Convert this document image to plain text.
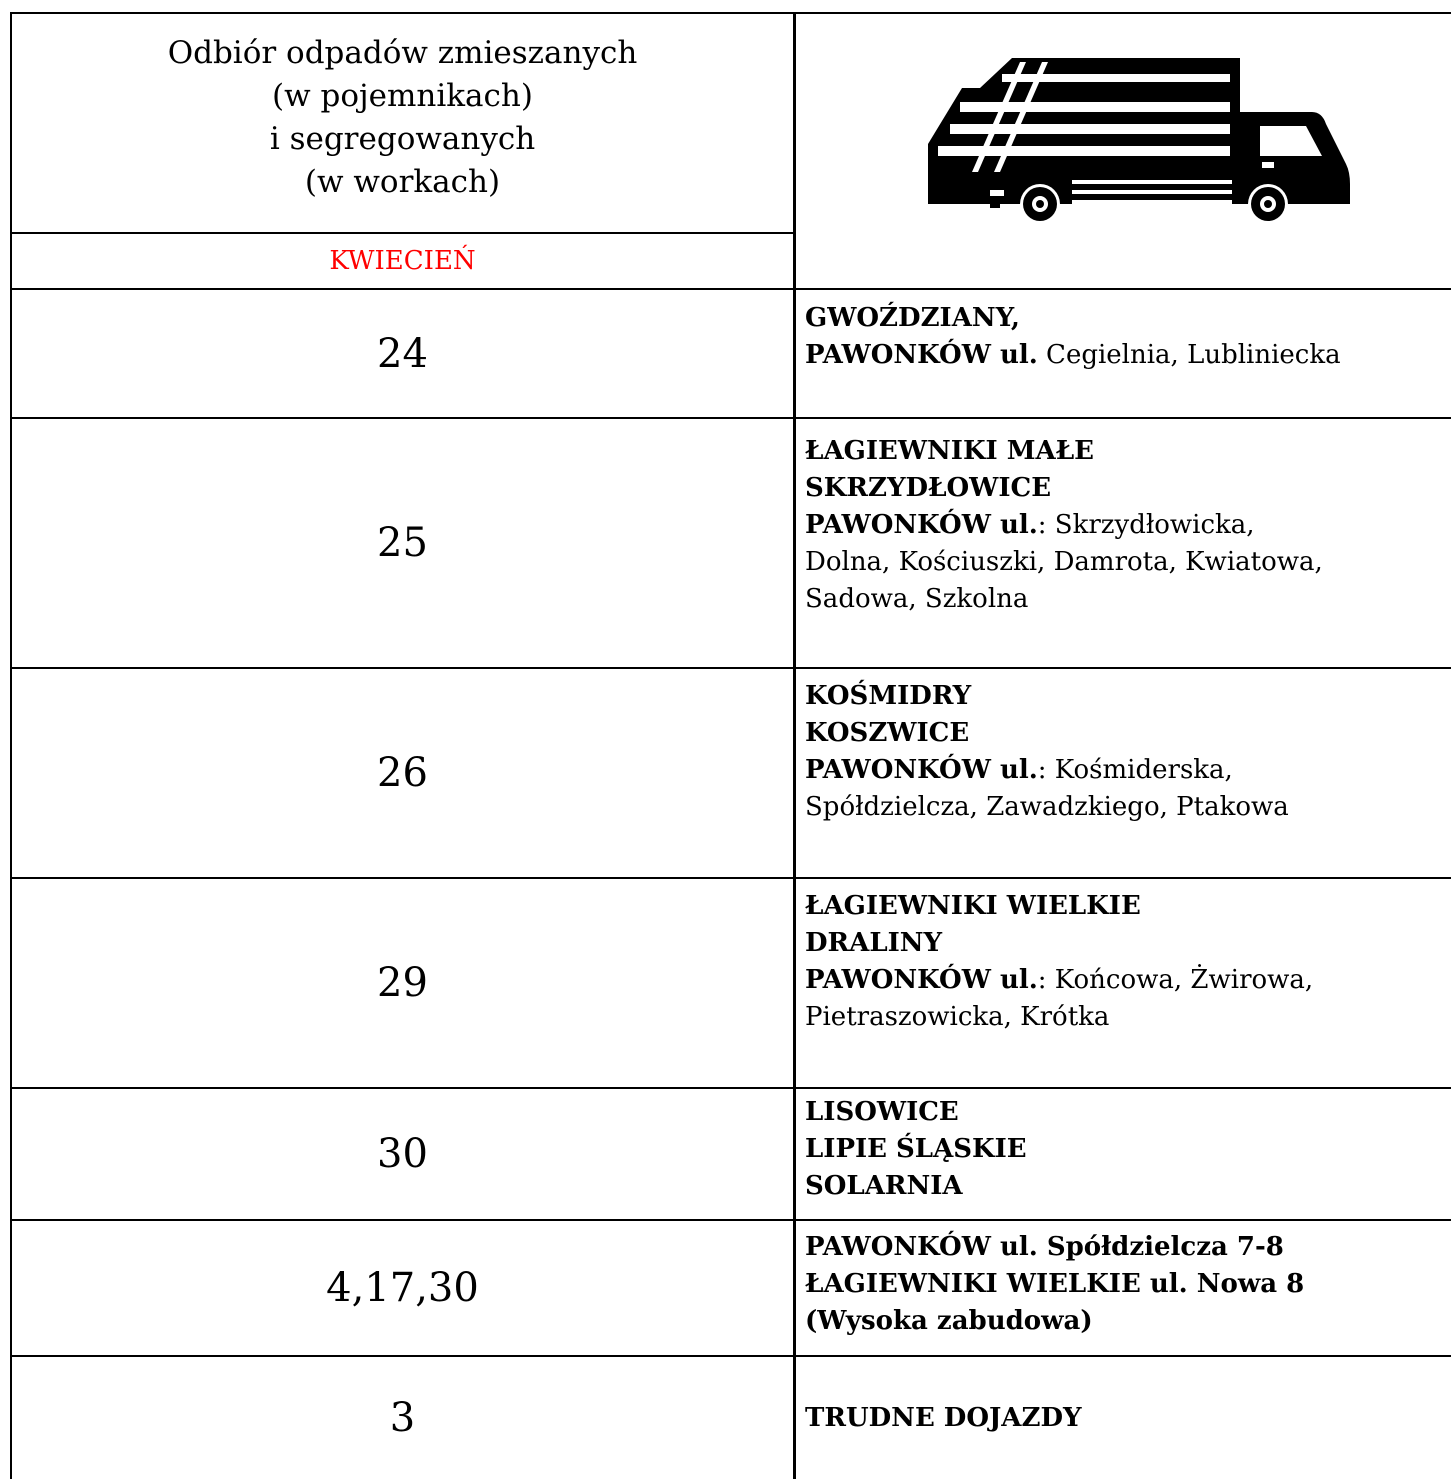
Odbiór odpadów zmieszanych
(w pojemnikach)
i segregowanych
(w workach)
KWIECIEŃ
24
GWOŹDZIANY,
PAWONKÓW ul. Cegielnia, Lubliniecka
25
ŁAGIEWNIKI MAŁE
SKRZYDŁOWICE
PAWONKÓW ul.: Skrzydłowicka,
Dolna, Kościuszki, Damrota, Kwiatowa,
Sadowa, Szkolna
26
KOŚMIDRY
KOSZWICE
PAWONKÓW ul.: Kośmiderska,
Spółdzielcza, Zawadzkiego, Ptakowa
29
ŁAGIEWNIKI WIELKIE
DRALINY
PAWONKÓW ul.: Końcowa, Żwirowa,
Pietraszowicka, Krótka
30
LISOWICE
LIPIE ŚLĄSKIE
SOLARNIA
4,17,30
PAWONKÓW ul. Spółdzielcza 7-8
ŁAGIEWNIKI WIELKIE ul. Nowa 8
(Wysoka zabudowa)
3	TRUDNE DOJAZDY
